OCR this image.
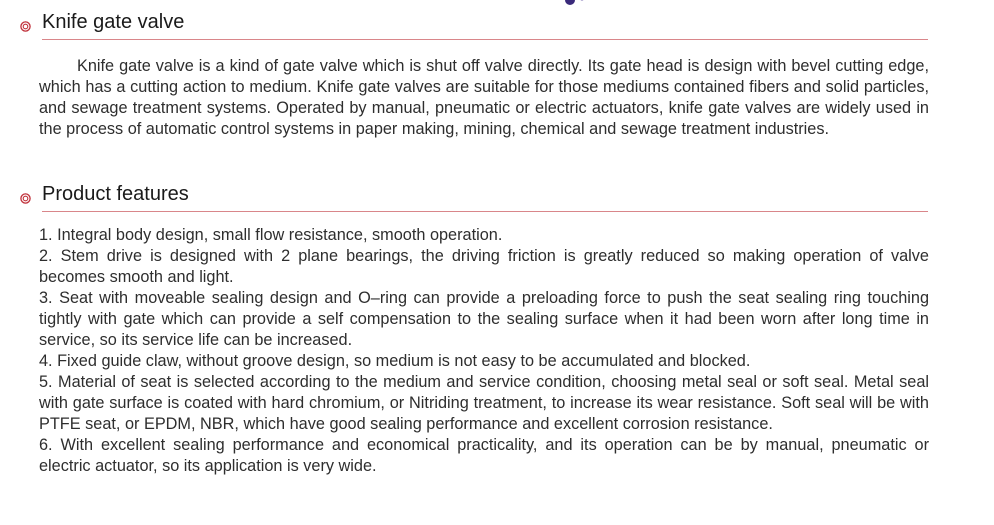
Knife gate valve

Knife gate valve is a kind of gate valve which is shut off valve directly. Its gate head is design with bevel cutting edge, which has a cutting action to medium. Knife gate valves are suitable for those mediums contained fibers and solid particles, and sewage treatment systems. Operated by manual, pneumatic or electric actuators, knife gate valves are widely used in the process of automatic control systems in paper making, mining, chemical and sewage treatment industries.

Product features
1. Integral body design, small flow resistance, smooth operation.
2. Stem drive is designed with 2 plane bearings, the driving friction is greatly reduced so making operation of valve becomes smooth and light.
3. Seat with moveable sealing design and O–ring can provide a preloading force to push the seat sealing ring touching tightly with gate which can provide a self compensation to the sealing surface when it had been worn after long time in service, so its service life can be increased.
4. Fixed guide claw, without groove design, so medium is not easy to be accumulated and blocked.
5. Material of seat is selected according to the medium and service condition, choosing metal seal or soft seal. Metal seal with gate surface is coated with hard chromium, or Nitriding treatment, to increase its wear resistance. Soft seal will be with PTFE seat, or EPDM, NBR, which have good sealing performance and excellent corrosion resistance.
6. With excellent sealing performance and economical practicality, and its operation can be by manual, pneumatic or electric actuator, so its application is very wide.
